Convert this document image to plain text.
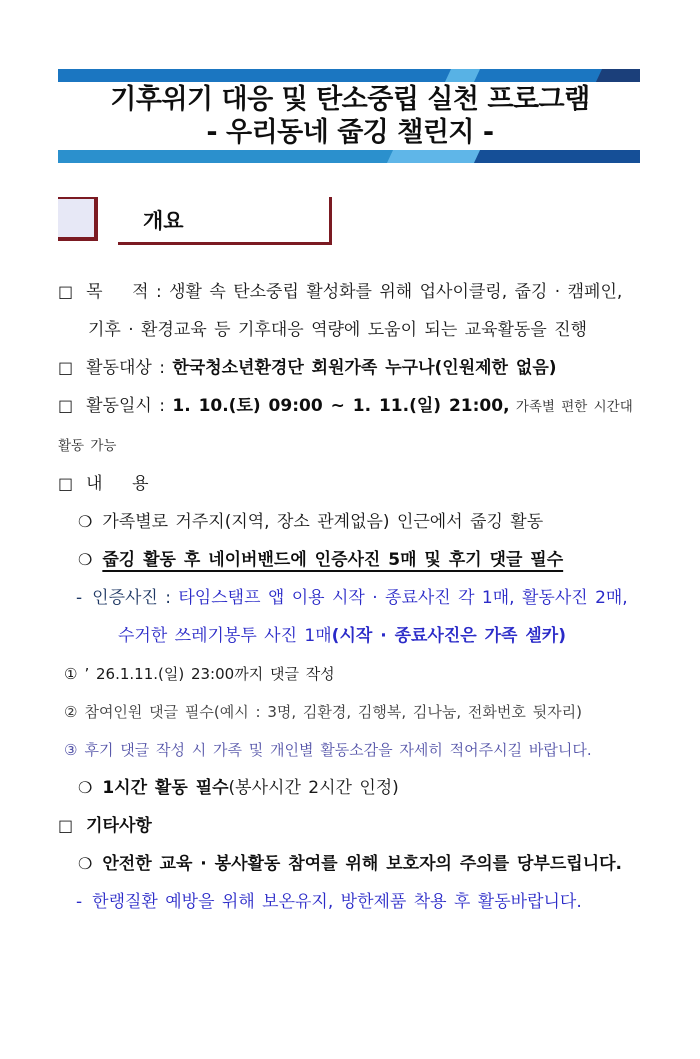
기후위기 대응 및 탄소중립 실천 프로그램
- 우리동네 줍깅 챌린지 -
개요
□ 목    적 : 생활 속 탄소중립 활성화를 위해 업사이클링, 줍깅 · 캠페인,
기후 · 환경교육 등 기후대응 역량에 도움이 되는 교육활동을 진행
□ 활동대상 : 한국청소년환경단 회원가족 누구나(인원제한 없음)
□ 활동일시 : 1. 10.(토) 09:00 ~ 1. 11.(일) 21:00, 가족별 편한 시간대 활동 가능
□ 내    용
❍ 가족별로 거주지(지역, 장소 관계없음) 인근에서 줍깅 활동
❍ 줍깅 활동 후 네이버밴드에 인증사진 5매 및 후기 댓글 필수
- 인증사진 : 타임스탬프 앱 이용 시작 · 종료사진 각 1매, 활동사진 2매,
수거한 쓰레기봉투 사진 1매(시작 · 종료사진은 가족 셀카)
① ’ 26.1.11.(일) 23:00까지 댓글 작성
② 참여인원 댓글 필수(예시 : 3명, 김환경, 김행복, 김나눔, 전화번호 뒷자리)
③ 후기 댓글 작성 시 가족 및 개인별 활동소감을 자세히 적어주시길 바랍니다.
❍ 1시간 활동 필수(봉사시간 2시간 인정)
□ 기타사항
❍ 안전한 교육 · 봉사활동 참여를 위해 보호자의 주의를 당부드립니다.
- 한랭질환 예방을 위해 보온유지, 방한제품 착용 후 활동바랍니다.
